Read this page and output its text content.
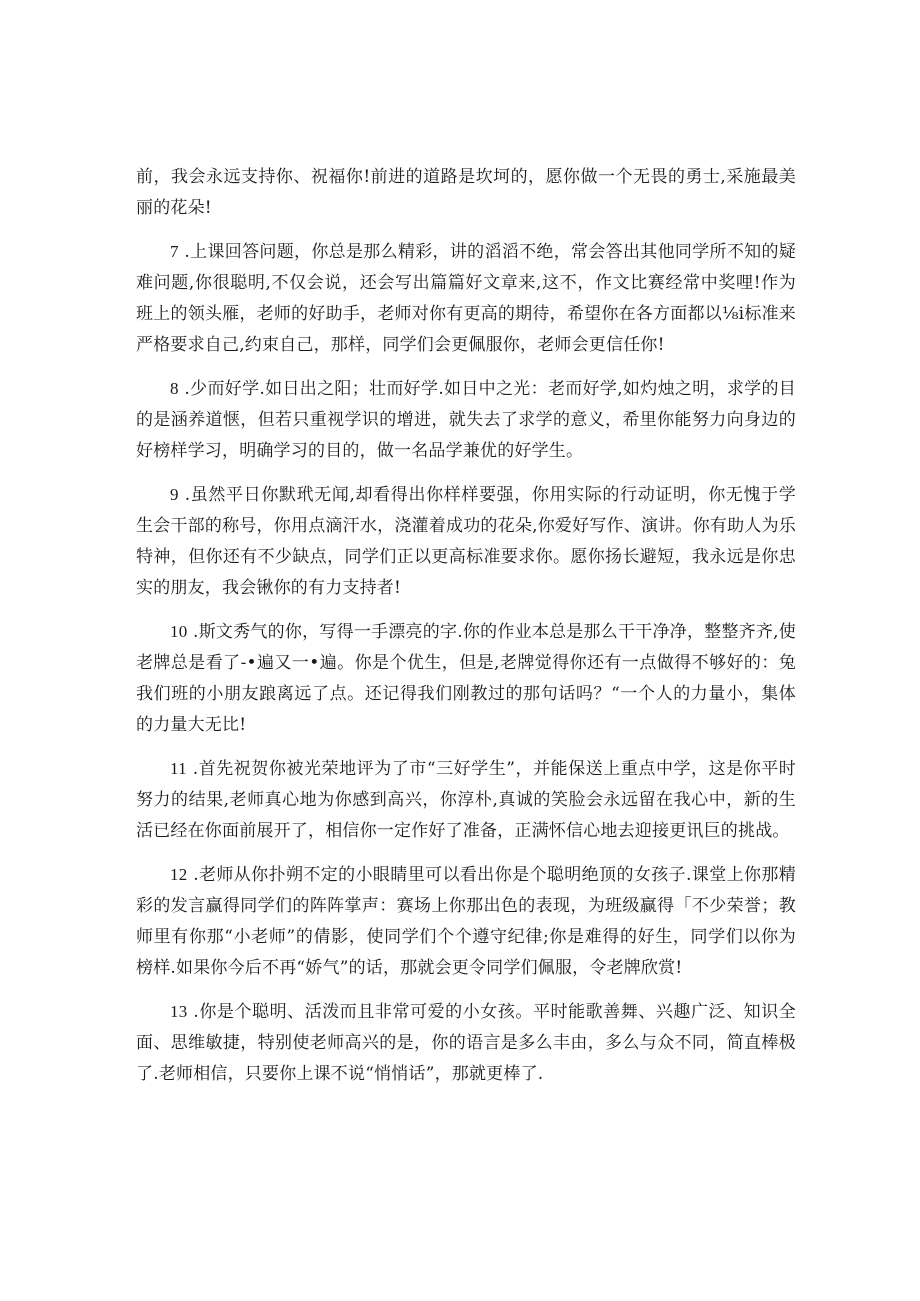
前，我会永远支持你、祝福你!前进的道路是坎坷的，愿你做一个无畏的勇士,采施最美丽的花朵!

7 .上课回答问题，你总是那么精彩，讲的滔滔不绝，常会答出其他同学所不知的疑难问题,你很聪明,不仅会说，还会写出篇篇好文章来,这不，作文比赛经常中奖哩!作为班上的领头雁，老师的好助手，老师对你有更高的期待，希望你在各方面都以⅛i标准来严格要求自己,约束自己，那样，同学们会更佩服你，老师会更信任你!

8 .少而好学.如日出之阳；壮而好学.如日中之光：老而好学,如灼烛之明，求学的目的是涵养道惬，但若只重视学识的增进，就失去了求学的意义，希里你能努力向身边的好榜样学习，明确学习的目的，做一名品学兼优的好学生。

9 .虽然平日你默玳无闻,却看得出你样样要强，你用实际的行动证明，你无愧于学生会干部的称号，你用点滴汗水，浇灌着成功的花朵,你爱好写作、演讲。你有助人为乐特神，但你还有不少缺点，同学们正以更高标准要求你。愿你扬长避短，我永远是你忠实的朋友，我会锹你的有力支持者!

10 .斯文秀气的你，写得一手漂亮的字.你的作业本总是那么干干净净，整整齐齐,使老牌总是看了-•遍又一•遍。你是个优生，但是,老牌觉得你还有一点做得不够好的：兔我们班的小朋友踉离远了点。还记得我们刚教过的那句话吗？“一个人的力量小，集体的力量大无比!

11 .首先祝贺你被光荣地评为了市“三好学生”，并能保送上重点中学，这是你平时努力的结果,老师真心地为你感到高兴，你淳朴,真诚的笑脸会永远留在我心中，新的生活已经在你面前展开了，相信你一定作好了准备，正满怀信心地去迎接更讯巨的挑战。

12 .老师从你扑朔不定的小眼睛里可以看出你是个聪明绝顶的女孩子.课堂上你那精彩的发言赢得同学们的阵阵掌声：赛场上你那出色的表现，为班级赢得「不少荣誉；教师里有你那“小老师”的倩影，使同学们个个遵守纪律;你是难得的好生，同学们以你为榜样.如果你今后不再“娇气”的话，那就会更令同学们佩服，令老牌欣赏!

13 .你是个聪明、活泼而且非常可爱的小女孩。平时能歌善舞、兴趣广泛、知识全面、思维敏捷，特别使老师高兴的是，你的语言是多么丰由，多么与众不同，简直棒极了.老师相信，只要你上课不说“悄悄话”，那就更棒了.
